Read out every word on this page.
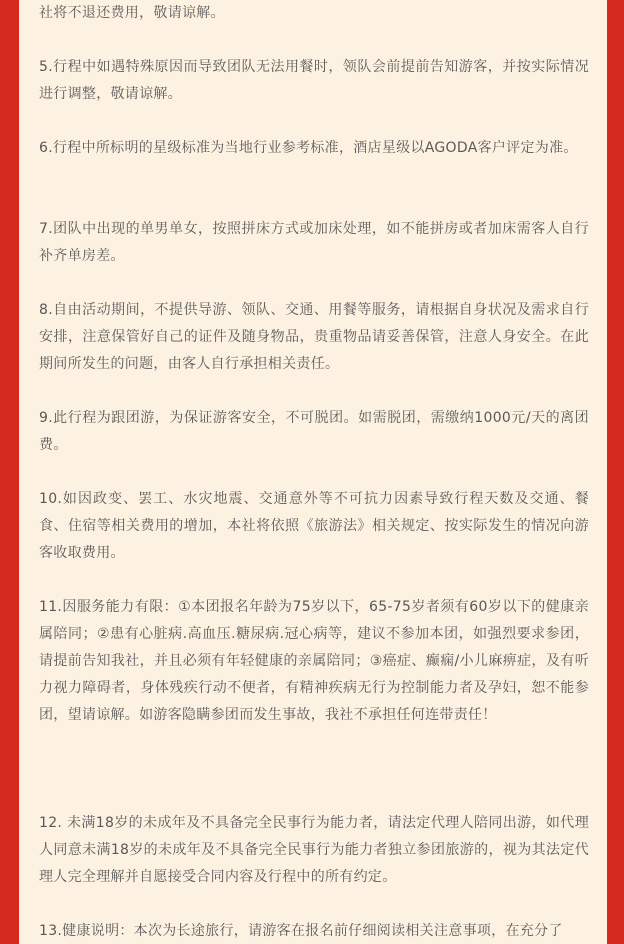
社将不退还费用，敬请谅解。

5.行程中如遇特殊原因而导致团队无法用餐时，领队会前提前告知游客，并按实际情况进行调整，敬请谅解。

6.行程中所标明的星级标准为当地行业参考标准，酒店星级以AGODA客户评定为准。

7.团队中出现的单男单女，按照拼床方式或加床处理，如不能拼房或者加床需客人自行补齐单房差。

8.自由活动期间，不提供导游、领队、交通、用餐等服务，请根据自身状况及需求自行安排，注意保管好自己的证件及随身物品，贵重物品请妥善保管，注意人身安全。在此期间所发生的问题，由客人自行承担相关责任。

9.此行程为跟团游，为保证游客安全，不可脱团。如需脱团，需缴纳1000元/天的离团费。

10.如因政变、罢工、水灾地震、交通意外等不可抗力因素导致行程天数及交通、餐食、住宿等相关费用的增加，本社将依照《旅游法》相关规定、按实际发生的情况向游客收取费用。

11.因服务能力有限：①本团报名年龄为75岁以下，65-75岁者须有60岁以下的健康亲属陪同；②患有心脏病.高血压.糖尿病.冠心病等，建议不参加本团，如强烈要求参团，请提前告知我社，并且必须有年轻健康的亲属陪同；③癌症、癫痫/小儿麻痹症，及有听力视力障碍者，身体残疾行动不便者，有精神疾病无行为控制能力者及孕妇，恕不能参团，望请谅解。如游客隐瞒参团而发生事故，我社不承担任何连带责任！

12. 未满18岁的未成年及不具备完全民事行为能力者，请法定代理人陪同出游，如代理人同意未满18岁的未成年及不具备完全民事行为能力者独立参团旅游的，视为其法定代理人完全理解并自愿接受合同内容及行程中的所有约定。

13.健康说明：本次为长途旅行，请游客在报名前仔细阅读相关注意事项，在充分了
